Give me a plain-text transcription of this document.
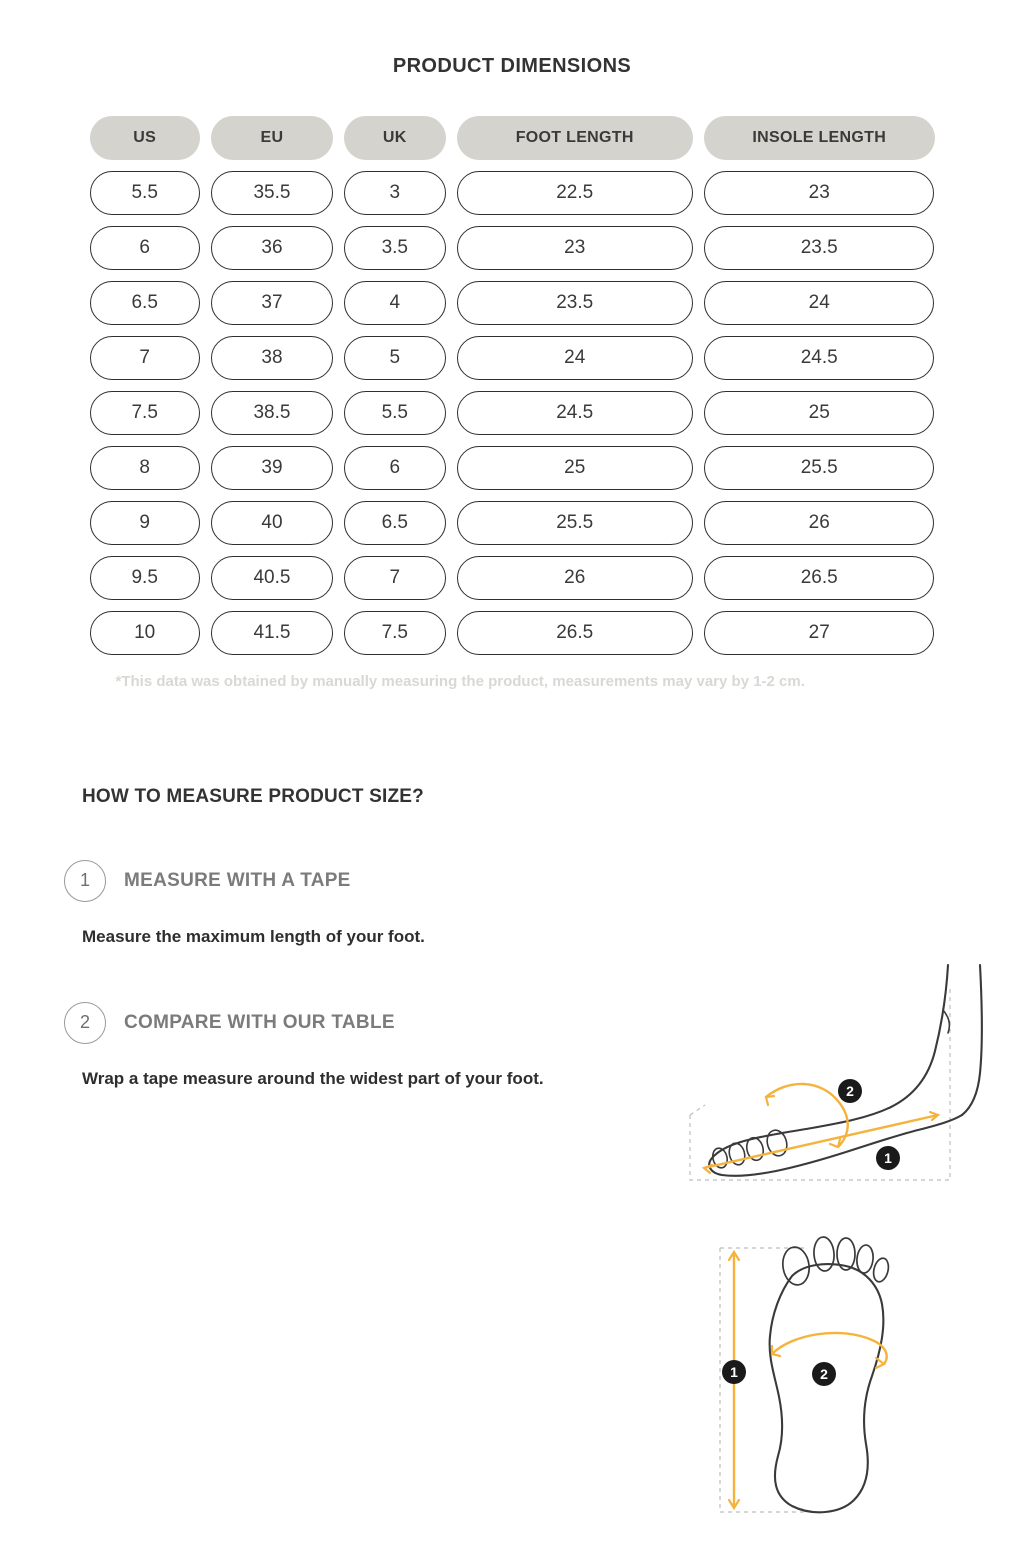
PRODUCT DIMENSIONS
US	EU	UK	FOOT LENGTH	INSOLE LENGTH
5.5	35.5	3	22.5	23
6	36	3.5	23	23.5
6.5	37	4	23.5	24
7	38	5	24	24.5
7.5	38.5	5.5	24.5	25
8	39	6	25	25.5
9	40	6.5	25.5	26
9.5	40.5	7	26	26.5
10	41.5	7.5	26.5	27
*This data was obtained by manually measuring the product, measurements may vary by 1-2 cm.
HOW TO MEASURE PRODUCT SIZE?
1	MEASURE WITH A TAPE
Measure the maximum length of your foot.
2	COMPARE WITH OUR TABLE
Wrap a tape measure around the widest part of your foot.
2
1
1	2
